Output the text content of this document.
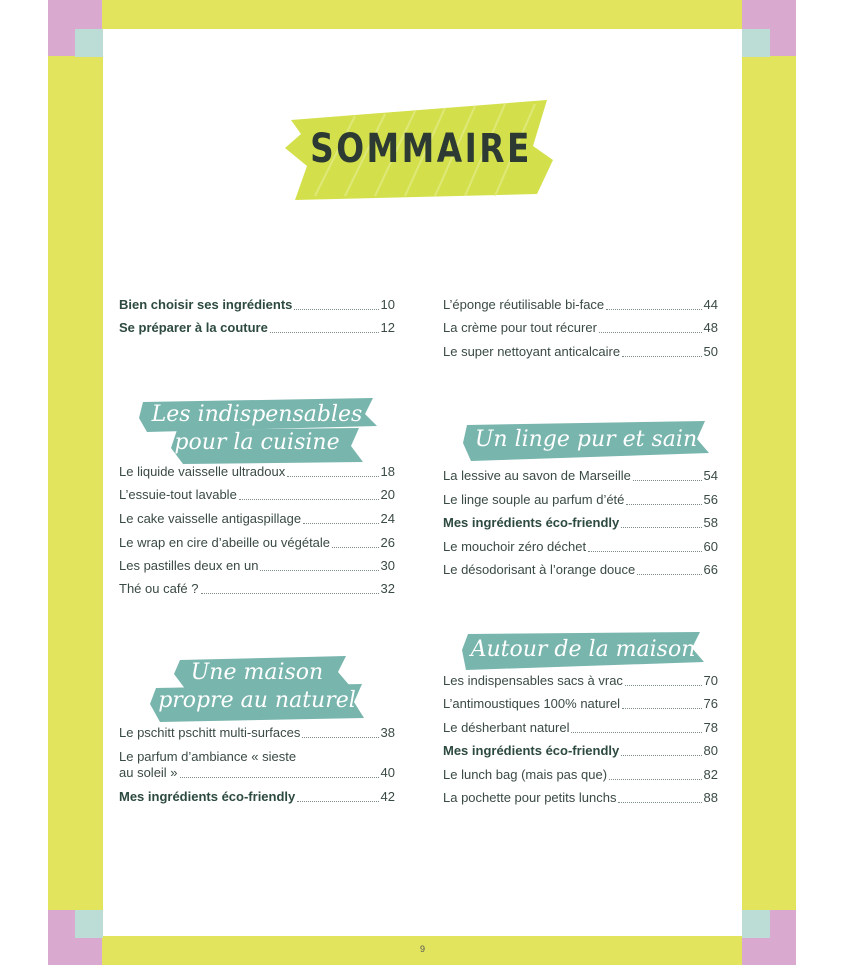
SOMMAIRE
Bien choisir ses ingrédients	10
Se préparer à la couture	12
L’éponge réutilisable bi-face	44
La crème pour tout récurer	48
Le super nettoyant anticalcaire	50
Les indispensables
pour la cuisine
Le liquide vaisselle ultradoux	18
L’essuie-tout lavable	20
Le cake vaisselle antigaspillage	24
Le wrap en cire d’abeille ou végétale	26
Les pastilles deux en un	30
Thé ou café ?	32
Une maison
propre au naturel
Le pschitt pschitt multi-surfaces	38
Le parfum d’ambiance « sieste
au soleil »	40
Mes ingrédients éco-friendly	42
Un linge pur et sain
La lessive au savon de Marseille	54
Le linge souple au parfum d’été	56
Mes ingrédients éco-friendly	58
Le mouchoir zéro déchet	60
Le désodorisant à l’orange douce	66
Autour de la maison
Les indispensables sacs à vrac	70
L’antimoustiques 100% naturel	76
Le désherbant naturel	78
Mes ingrédients éco-friendly	80
Le lunch bag (mais pas que)	82
La pochette pour petits lunchs	88
9
